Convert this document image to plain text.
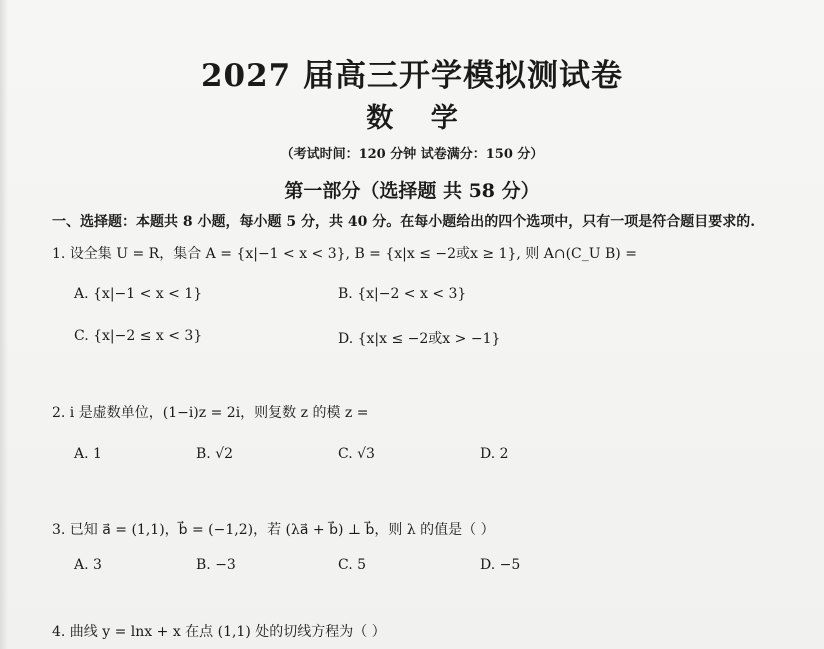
2027 届高三开学模拟测试卷
数 学
（考试时间：120 分钟 试卷满分：150 分）
第一部分（选择题 共 58 分）
一、选择题：本题共 8 小题，每小题 5 分，共 40 分。在每小题给出的四个选项中，只有一项是符合题目要求的.
1. 设全集 U = R，集合 A = {x|−1 < x < 3}, B = {x|x ≤ −2或x ≥ 1}, 则 A∩(C_U B) =
A. {x|−1 < x < 1}	B. {x|−2 < x < 3}
C. {x|−2 ≤ x < 3}	D. {x|x ≤ −2或x > −1}
2. i 是虚数单位，(1−i)z = 2i，则复数 z 的模 z =
A. 1	B. √2	C. √3	D. 2
3. 已知 a⃗ = (1,1)，b⃗ = (−1,2)，若 (λa⃗ + b⃗) ⊥ b⃗，则 λ 的值是（ ）
A. 3	B. −3	C. 5	D. −5
4. 曲线 y = lnx + x 在点 (1,1) 处的切线方程为（ ）
